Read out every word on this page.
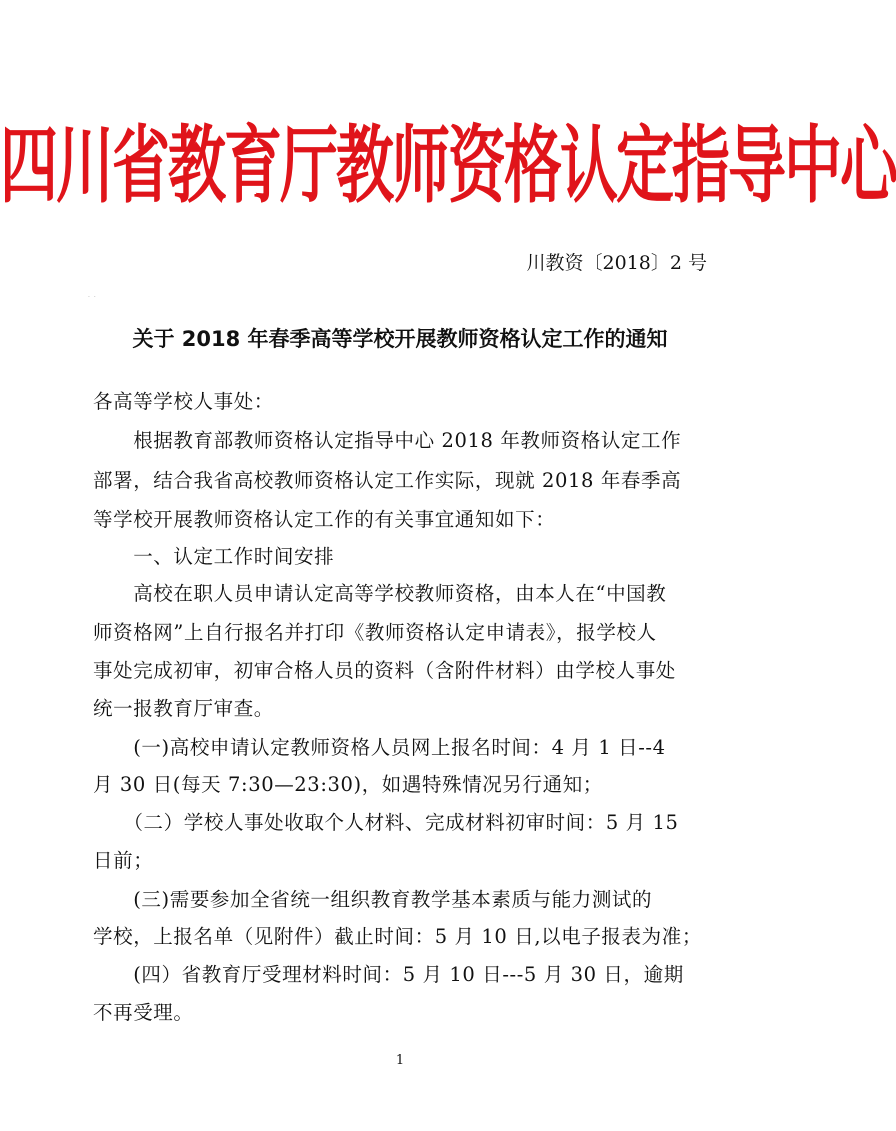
四川省教育厅教师资格认定指导中心
川教资〔2018〕2 号
· ·
关于 2018 年春季高等学校开展教师资格认定工作的通知
各高等学校人事处：
　　根据教育部教师资格认定指导中心 2018 年教师资格认定工作
部署，结合我省高校教师资格认定工作实际，现就 2018 年春季高
等学校开展教师资格认定工作的有关事宜通知如下：
　　一、认定工作时间安排
　　高校在职人员申请认定高等学校教师资格，由本人在“中国教
师资格网”上自行报名并打印《教师资格认定申请表》，报学校人
事处完成初审，初审合格人员的资料（含附件材料）由学校人事处
统一报教育厅审查。
　　(一)高校申请认定教师资格人员网上报名时间：4 月 1 日--4
月 30 日(每天 7:30—23:30)，如遇特殊情况另行通知；
　　（二）学校人事处收取个人材料、完成材料初审时间：5 月 15
日前；
　　(三)需要参加全省统一组织教育教学基本素质与能力测试的
学校，上报名单（见附件）截止时间：5 月 10 日,以电子报表为准；
　　(四）省教育厅受理材料时间：5 月 10 日---5 月 30 日，逾期
不再受理。
1
